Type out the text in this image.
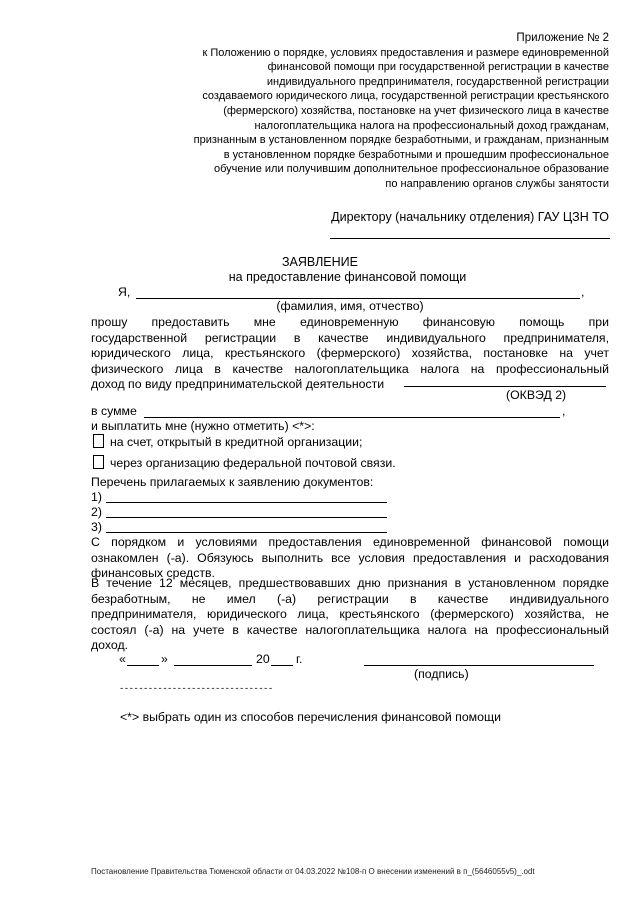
Приложение № 2
к Положению о порядке, условиях предоставления и размере единовременной
финансовой помощи при государственной регистрации в качестве
индивидуального предпринимателя, государственной регистрации
создаваемого юридического лица, государственной регистрации крестьянского
(фермерского) хозяйства, постановке на учет физического лица в качестве
налогоплательщика налога на профессиональный доход гражданам,
признанным в установленном порядке безработными, и гражданам, признанным
в установленном порядке безработными и прошедшим профессиональное
обучение или получившим дополнительное профессиональное образование
по направлению органов службы занятости
Директору (начальнику отделения) ГАУ ЦЗН ТО
ЗАЯВЛЕНИЕ
на предоставление финансовой помощи
Я,	,
(фамилия, имя, отчество)
прошу предоставить мне единовременную финансовую помощь при
государственной регистрации в качестве индивидуального предпринимателя,
юридического лица, крестьянского (фермерского) хозяйства, постановке на учет
физического лица в качестве налогоплательщика налога на профессиональный
доход по виду предпринимательской деятельности
(ОКВЭД 2)
в сумме	,
и выплатить мне (нужно отметить) <*>:
на счет, открытый в кредитной организации;
через организацию федеральной почтовой связи.
Перечень прилагаемых к заявлению документов:
1)
2)
3)
С порядком и условиями предоставления единовременной финансовой помощи
ознакомлен (-а). Обязуюсь выполнить все условия предоставления и расходования
финансовых средств.
В течение 12 месяцев, предшествовавших дню признания в установленном порядке
безработным, не имел (-а) регистрации в качестве индивидуального
предпринимателя, юридического лица, крестьянского (фермерского) хозяйства, не
состоял (-а) на учете в качестве налогоплательщика налога на профессиональный
доход.
«	»	20 г.
(подпись)
--------------------------------
<*> выбрать один из способов перечисления финансовой помощи
Постановление Правительства Тюменской области от 04.03.2022 №108-п О внесении изменений в п_(5646055v5)_.odt
